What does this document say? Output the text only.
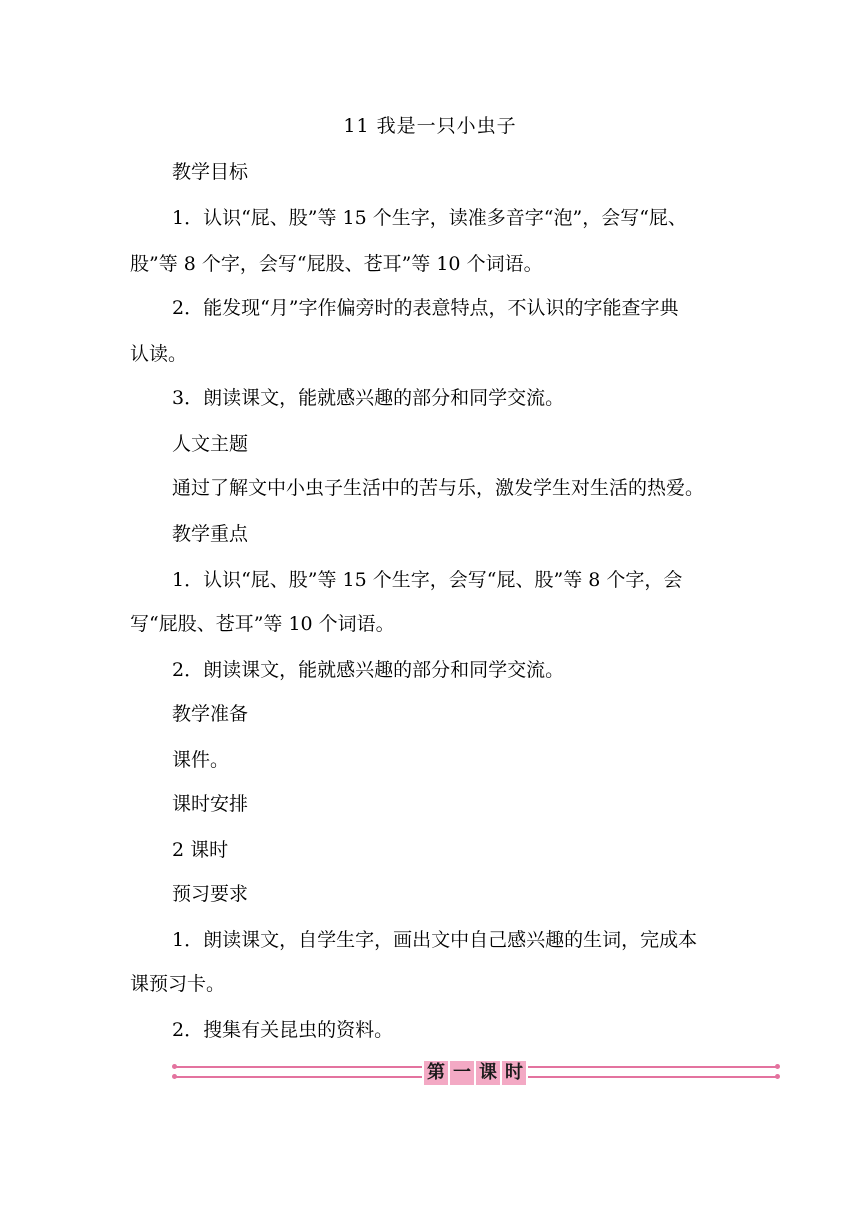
11 我是一只小虫子
教学目标
1．认识“屁、股”等 15 个生字，读准多音字“泡”，会写“屁、
股”等 8 个字，会写“屁股、苍耳”等 10 个词语。
2．能发现“月”字作偏旁时的表意特点，不认识的字能查字典
认读。
3．朗读课文，能就感兴趣的部分和同学交流。
人文主题
通过了解文中小虫子生活中的苦与乐，激发学生对生活的热爱。
教学重点
1．认识“屁、股”等 15 个生字，会写“屁、股”等 8 个字，会
写“屁股、苍耳”等 10 个词语。
2．朗读课文，能就感兴趣的部分和同学交流。
教学准备
课件。
课时安排
2 课时
预习要求
1．朗读课文，自学生字，画出文中自己感兴趣的生词，完成本
课预习卡。
2．搜集有关昆虫的资料。
第 一 课 时
